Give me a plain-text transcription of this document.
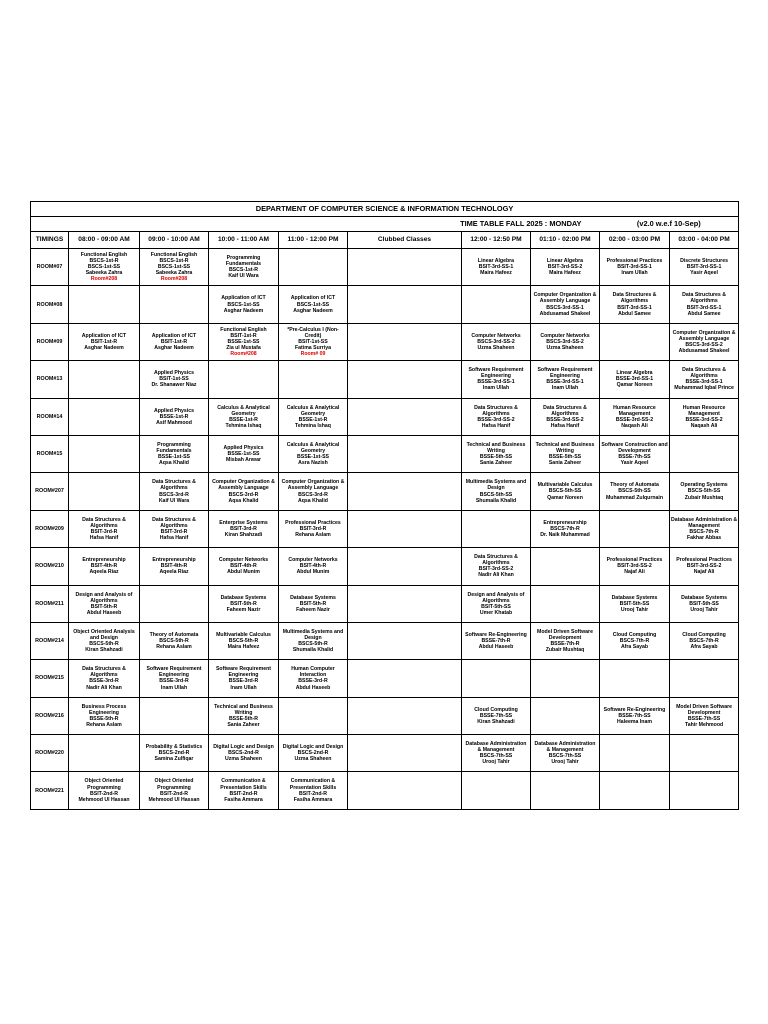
DEPARTMENT OF COMPUTER SCIENCE & INFORMATION TECHNOLOGY									
		TIME TABLE FALL 2025 : MONDAY						(v2.0 w.e.f 10-Sep)	
TIMINGS	08:00 - 09:00 AM	09:00 - 10:00 AM	10:00 - 11:00 AM	11:00 - 12:00 PM	Clubbed Classes	12:00 - 12:50 PM	01:10 - 02:00 PM	02:00 - 03:00 PM	03:00 - 04:00 PM
ROOM#07	Functional English
BSCS-1st-R
BSCS-1st-SS
Sabeeka Zahra
Room#208	Functional English
BSCS-1st-R
BSCS-1st-SS
Sabeeka Zahra
Room#208	Programming Fundamentals
BSCS-1st-R
Kaif Ul Wara			Linear Algebra
BSIT-3rd-SS-1
Maira Hafeez	Linear Algebra
BSIT-3rd-SS-2
Maira Hafeez	Professional Practices
BSIT-3rd-SS-1
Inam Ullah	Discrete Structures
BSIT-3rd-SS-1
Yasir Aqeel

ROOM#08			Application of ICT
BSCS-1st-SS
Asghar Nadeem	Application of ICT
BSCS-1st-SS
Asghar Nadeem			Computer Organization & Assembly Language
BSCS-3rd-SS-1
Abdusamad Shakeel	Data Structures & Algorithms
BSIT-3rd-SS-1
Abdul Samee	Data Structures & Algorithms
BSIT-3rd-SS-1
Abdul Samee

ROOM#09	Application of ICT
BSIT-1st-R
Asghar Nadeem	Application of ICT
BSIT-1st-R
Asghar Nadeem	Functional English
BSIT-1st-R
BSSE-1st-SS
Zia ul Mustafa
Room#208	*Pre-Calculus I (Non-Credit)
BSIT-1st-SS
Fatima Surriya
Room# 09		Computer Networks
BSCS-3rd-SS-2
Uzma Shaheen	Computer Networks
BSCS-3rd-SS-2
Uzma Shaheen		Computer Organization & Assembly Language
BSCS-3rd-SS-2
Abdusamad Shakeel

ROOM#13		Applied Physics
BSIT-1st-SS
Dr. Shanawer Niaz				Software Requirement Engineering
BSSE-3rd-SS-1
Inam Ullah	Software Requirement Engineering
BSSE-3rd-SS-1
Inam Ullah	Linear Algebra
BSSE-3rd-SS-1
Qamar Noreen	Data Structures & Algorithms
BSSE-3rd-SS-1
Muhammad Iqbal Prince

ROOM#14		Applied Physics
BSSE-1st-R
Asif Mahmood	Calculus & Analytical Geometry
BSSE-1st-R
Tehmina Ishaq	Calculus & Analytical Geometry
BSSE-1st-R
Tehmina Ishaq		Data Structures & Algorithms
BSSE-3rd-SS-2
Hafsa Hanif	Data Structures & Algorithms
BSSE-3rd-SS-2
Hafsa Hanif	Human Resource Management
BSSE-3rd-SS-2
Naqash Ali	Human Resource Management
BSSE-3rd-SS-2
Naqash Ali

ROOM#15		Programming Fundamentals
BSSE-1st-SS
Aqsa Khalid	Applied Physics
BSSE-1st-SS
Misbah Anwar	Calculus & Analytical Geometry
BSSE-1st-SS
Asra Nazish		Technical and Business Writing
BSSE-5th-SS
Sania Zaheer	Technical and Business Writing
BSSE-5th-SS
Sania Zaheer	Software Construction and Development
BSSE-7th-SS
Yasir Aqeel	

ROOM#207		Data Structures & Algorithms
BSCS-3rd-R
Kaif Ul Wara	Computer Organization & Assembly Language
BSCS-3rd-R
Aqsa Khalid	Computer Organization & Assembly Language
BSCS-3rd-R
Aqsa Khalid		Multimedia Systems and Design
BSCS-5th-SS
Shumaila Khalid	Multivariable Calculus
BSCS-5th-SS
Qamar Noreen	Theory of Automata
BSCS-5th-SS
Muhammad Zulqurnain	Operating Systems
BSCS-5th-SS
Zubair Mushtaq

ROOM#209	Data Structures & Algorithms
BSIT-3rd-R
Hafsa Hanif	Data Structures & Algorithms
BSIT-3rd-R
Hafsa Hanif	Enterprise Systems
BSIT-3rd-R
Kiran Shahzadi	Professional Practices
BSIT-3rd-R
Rehana Aslam			Entrepreneurship
BSCS-7th-R
Dr. Naik Muhammad		Database Administration & Management
BSCS-7th-R
Fakhar Abbas

ROOM#210	Entrepreneurship
BSIT-4th-R
Aqeela Riaz	Entrepreneurship
BSIT-4th-R
Aqeela Riaz	Computer Networks
BSIT-4th-R
Abdul Munim	Computer Networks
BSIT-4th-R
Abdul Munim		Data Structures & Algorithms
BSIT-3rd-SS-2
Nadir Ali Khan		Professional Practices
BSIT-3rd-SS-2
Najaf Ali	Professional Practices
BSIT-3rd-SS-2
Najaf Ali

ROOM#211	Design and Analysis of Algorithms
BSIT-5th-R
Abdul Haseeb		Database Systems
BSIT-5th-R
Faheem Nazir	Database Systems
BSIT-5th-R
Faheem Nazir		Design and Analysis of Algorithms
BSIT-5th-SS
Umer Khatab		Database Systems
BSIT-5th-SS
Urooj Tahir	Database Systems
BSIT-5th-SS
Urooj Tahir

ROOM#214	Object Oriented Analysis and Design
BSCS-5th-R
Kiran Shahzadi	Theory of Automata
BSCS-5th-R
Rehana Aslam	Multivariable Calculus
BSCS-5th-R
Maira Hafeez	Multimedia Systems and Design
BSCS-5th-R
Shumaila Khalid		Software Re-Engineering
BSSE-7th-R
Abdul Haseeb	Model Driven Software Development
BSSE-7th-R
Zubair Mushtaq	Cloud Computing
BSCS-7th-R
Afra Sayab	Cloud Computing
BSCS-7th-R
Afra Sayab

ROOM#215	Data Structures & Algorithms
BSSE-3rd-R
Nadir Ali Khan	Software Requirement Engineering
BSSE-3rd-R
Inam Ullah	Software Requirement Engineering
BSSE-3rd-R
Inam Ullah	Human Computer Interaction
BSSE-3rd-R
Abdul Haseeb					

ROOM#216	Business Process Engineering
BSSE-5th-R
Rehana Aslam		Technical and Business Writing
BSSE-5th-R
Sania Zaheer			Cloud Computing
BSSE-7th-SS
Kiran Shahzadi		Software Re-Engineering
BSSE-7th-SS
Haleema Inam	Model Driven Software Development
BSSE-7th-SS
Tahir Mehmood

ROOM#220		Probability & Statistics
BSCS-2nd-R
Samina Zulfiqar	Digital Logic and Design
BSCS-2nd-R
Uzma Shaheen	Digital Logic and Design
BSCS-2nd-R
Uzma Shaheen		Database Administration & Management
BSCS-7th-SS
Urooj Tahir	Database Administration & Management
BSCS-7th-SS
Urooj Tahir		

ROOM#221	Object Oriented Programming
BSIT-2nd-R
Mehmood Ul Hassan	Object Oriented Programming
BSIT-2nd-R
Mehmood Ul Hassan	Communication & Presentation Skills
BSIT-2nd-R
Fasiha Ammara	Communication & Presentation Skills
BSIT-2nd-R
Fasiha Ammara					
